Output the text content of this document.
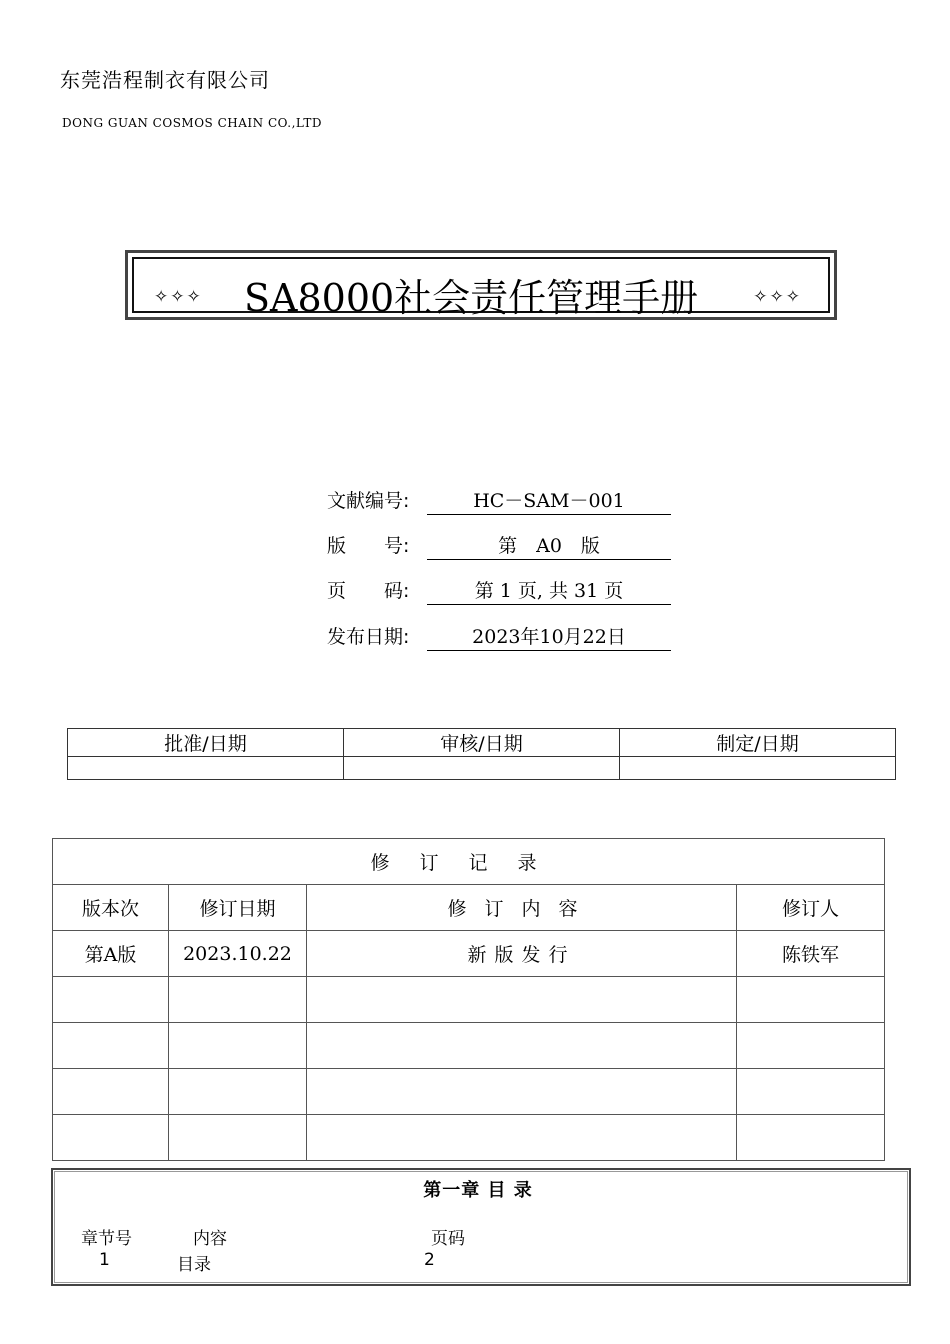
东莞浩程制衣有限公司
DONG GUAN COSMOS CHAIN CO.,LTD
✧✧✧ SA8000社会责任管理手册	✧✧✧
文献编号:	HC－SAM－001
版　　号:	第　A0　版
页　　码:	第 1 页, 共 31 页
发布日期:	2023年10月22日
批准/日期	审核/日期	制定/日期

修订记录			
版本次	修订日期	修订内容	修订人
第A版	2023.10.22	新版发行	陈铁军

第一章 目 录
章节号	内容	页码
1	目录	2
